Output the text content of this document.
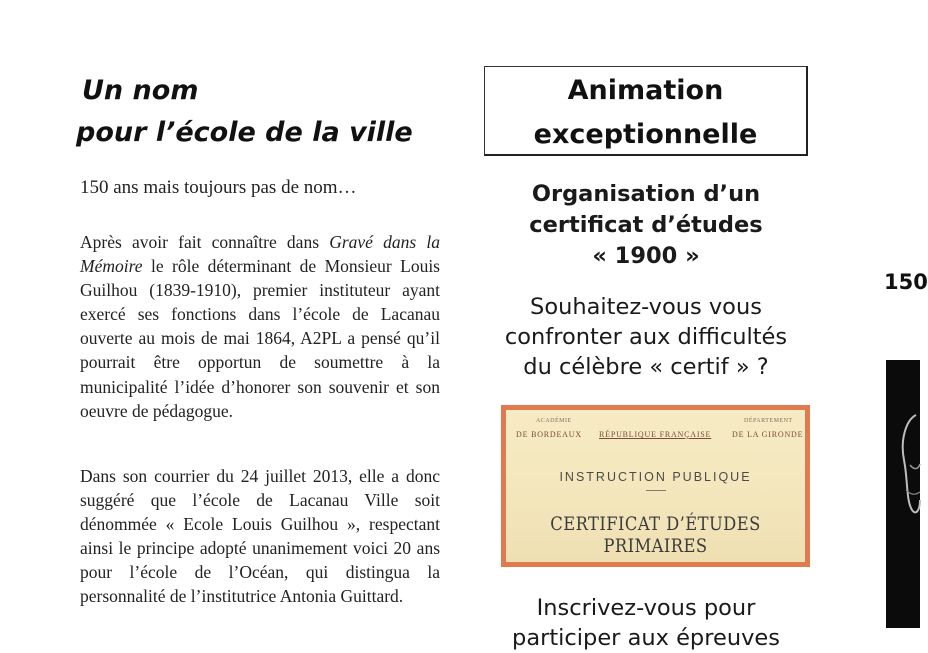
Un nom
pour l’école de la ville
150 ans mais toujours pas de nom…
Après avoir fait connaître dans Gravé dans la Mémoire le rôle déterminant de Monsieur Louis Guilhou (1839-1910), premier instituteur ayant exercé ses fonctions dans l’école de Lacanau ouverte au mois de mai 1864, A2PL a pensé qu’il pourrait être opportun de soumettre à la municipalité l’idée d’honorer son souvenir et son oeuvre de pédagogue.
Dans son courrier du 24 juillet 2013, elle a donc suggéré que l’école de Lacanau Ville soit dénommée « Ecole Louis Guilhou », respectant ainsi le principe adopté unanimement voici 20 ans pour l’école de l’Océan, qui distingua la personnalité de l’institutrice Antonia Guittard.
Animation
exceptionnelle
Organisation d’un
certificat d’études
« 1900 »
Souhaitez-vous vous
confronter aux difficultés
du célèbre « certif » ?
ACADÉMIE
DE BORDEAUX RÉPUBLIQUE FRANÇAISE
DÉPARTEMENT
DE LA GIRONDE
INSTRUCTION PUBLIQUE
CERTIFICAT D’ÉTUDES PRIMAIRES
Inscrivez-vous pour
participer aux épreuves
150
